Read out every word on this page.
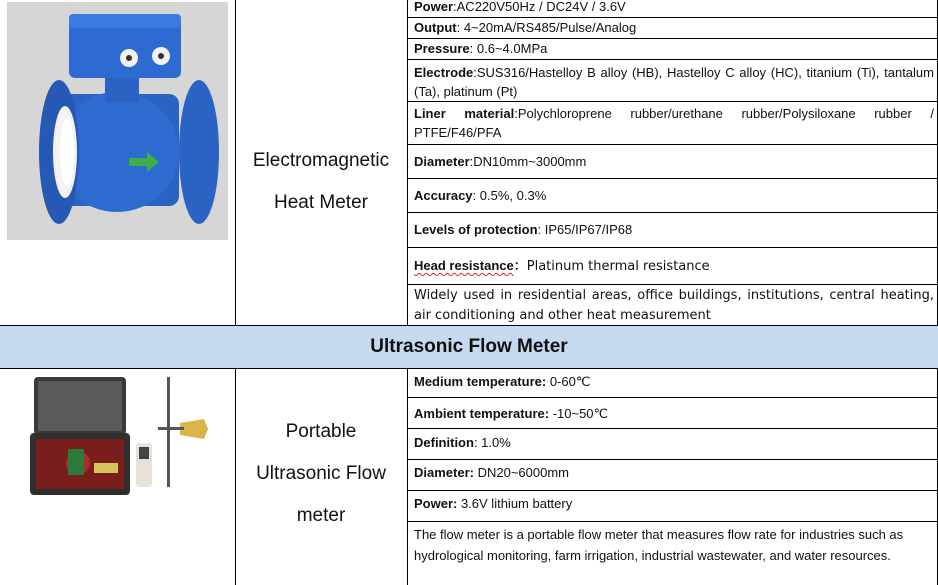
Electromagnetic
Heat Meter
Power:AC220V50Hz / DC24V / 3.6V
Output: 4~20mA/RS485/Pulse/Analog
Pressure: 0.6~4.0MPa
Electrode:SUS316/Hastelloy B alloy (HB), Hastelloy C alloy (HC), titanium (Ti), tantalum (Ta), platinum (Pt)
Liner material:Polychloroprene rubber/urethane rubber/Polysiloxane rubber / PTFE/F46/PFA
Diameter:DN10mm~3000mm
Accuracy: 0.5%, 0.3%
Levels of protection: IP65/IP67/IP68
Head resistance：Platinum thermal resistance
Widely used in residential areas, office buildings, institutions, central heating, air conditioning and other heat measurement
Ultrasonic Flow Meter
Portable
Ultrasonic Flow
meter
Medium temperature: 0-60℃
Ambient temperature: -10~50℃
Definition: 1.0%
Diameter: DN20~6000mm
Power: 3.6V lithium battery
The flow meter is a portable flow meter that measures flow rate for industries such as hydrological monitoring, farm irrigation, industrial wastewater, and water resources.
